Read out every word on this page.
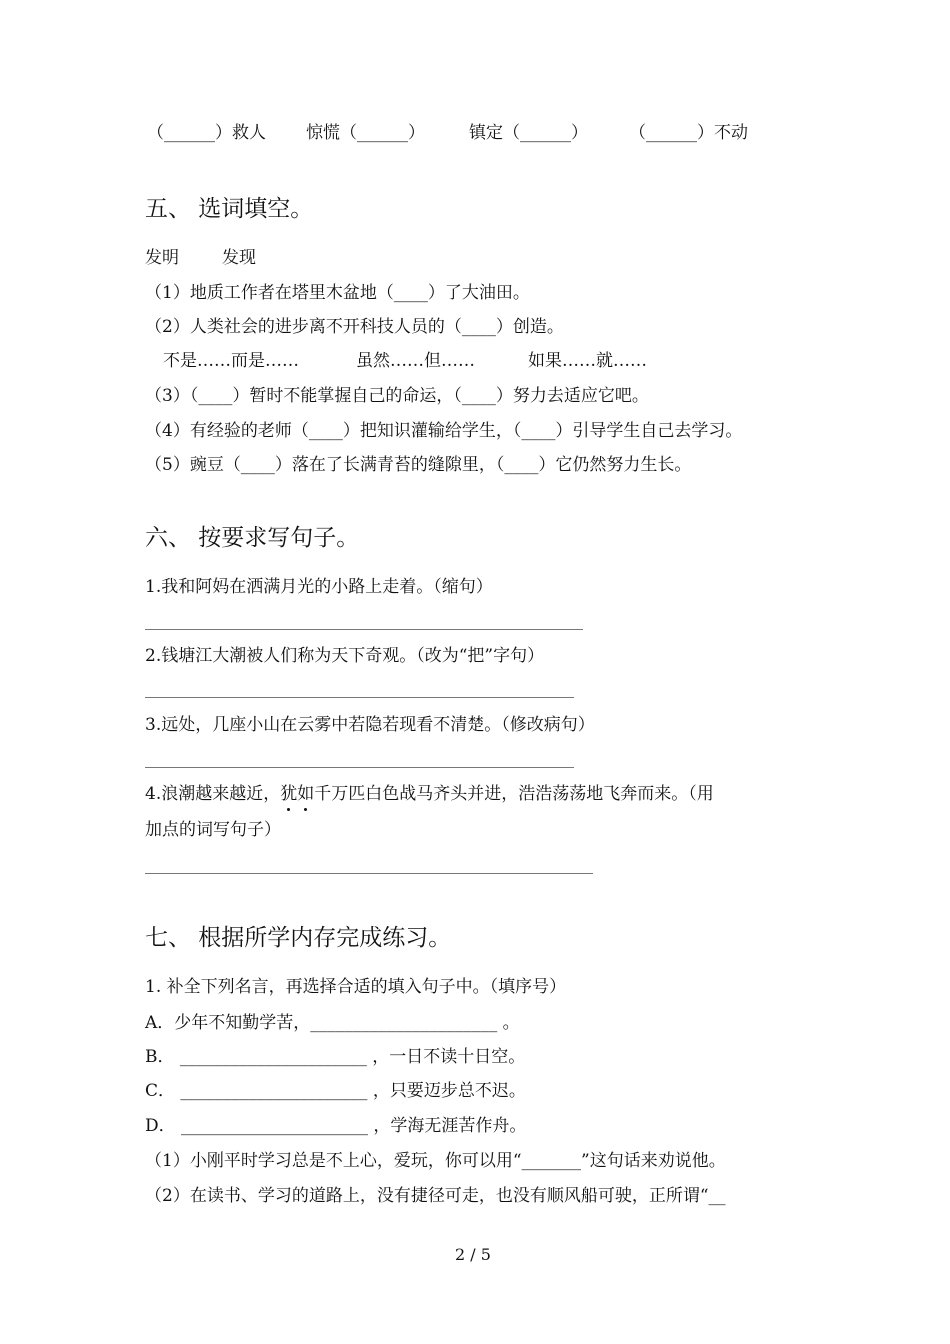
（______）救人 惊慌（______）	镇定（______） （______）不动
五、 选词填空。
发明	发现
（1）地质工作者在塔里木盆地（____）了大油田。
（2）人类社会的进步离不开科技人员的（____）创造。
不是……而是……	虽然……但……	如果……就……
（3）（____）暂时不能掌握自己的命运，（____）努力去适应它吧。
（4）有经验的老师（____）把知识灌输给学生，（____）引导学生自己去学习。
（5）豌豆（____）落在了长满青苔的缝隙里，（____）它仍然努力生长。
六、 按要求写句子。
1.我和阿妈在洒满月光的小路上走着。（缩句）
2.钱塘江大潮被人们称为天下奇观。（改为“把”字句）
3.远处，几座小山在云雾中若隐若现看不清楚。（修改病句）
4.浪潮越来越近，犹如千万匹白色战马齐头并进，浩浩荡荡地飞奔而来。（用
加点的词写句子）
七、 根据所学内存完成练习。
1. 补全下列名言，再选择合适的填入句子中。（填序号）
A．少年不知勤学苦，______________________ 。
B． ______________________ ，一日不读十日空。
C． ______________________ ，只要迈步总不迟。
D． ______________________ ，学海无涯苦作舟。
（1）小刚平时学习总是不上心，爱玩，你可以用“_______”这句话来劝说他。
（2）在读书、学习的道路上，没有捷径可走，也没有顺风船可驶，正所谓“__
2 / 5
